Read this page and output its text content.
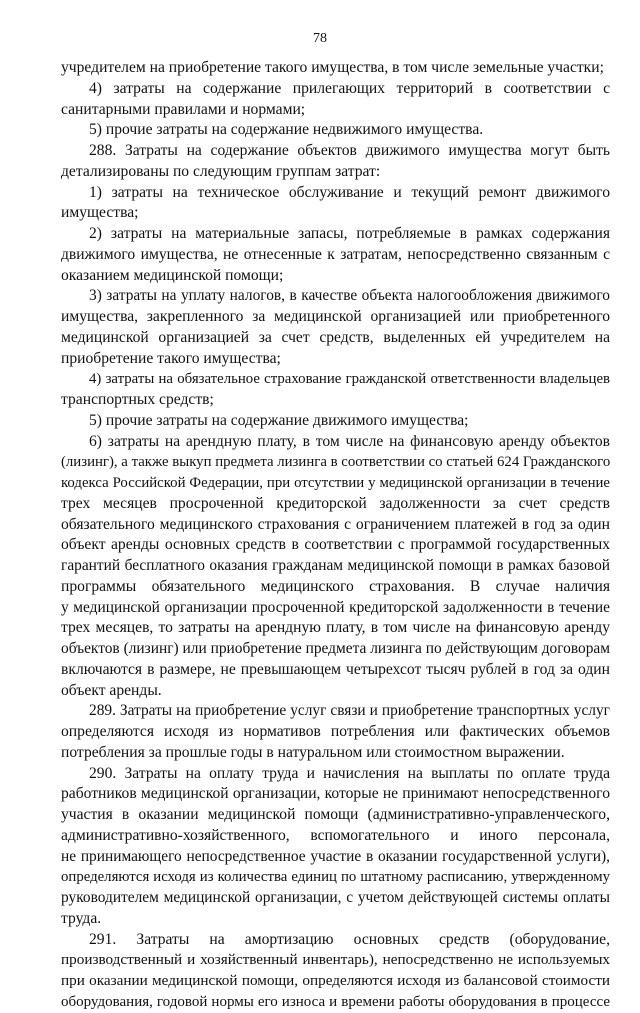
78
учредителем на приобретение такого имущества, в том числе земельные участки;
4) затраты на содержание прилегающих территорий в соответствии с
санитарными правилами и нормами;
5) прочие затраты на содержание недвижимого имущества.
288. Затраты на содержание объектов движимого имущества могут быть
детализированы по следующим группам затрат:
1) затраты на техническое обслуживание и текущий ремонт движимого
имущества;
2) затраты на материальные запасы, потребляемые в рамках содержания
движимого имущества, не отнесенные к затратам, непосредственно связанным с
оказанием медицинской помощи;
3) затраты на уплату налогов, в качестве объекта налогообложения движимого
имущества, закрепленного за медицинской организацией или приобретенного
медицинской организацией за счет средств, выделенных ей учредителем на
приобретение такого имущества;
4) затраты на обязательное страхование гражданской ответственности владельцев
транспортных средств;
5) прочие затраты на содержание движимого имущества;
6) затраты на арендную плату, в том числе на финансовую аренду объектов
(лизинг), а также выкуп предмета лизинга в соответствии со статьей 624 Гражданского
кодекса Российской Федерации, при отсутствии у медицинской организации в течение
трех месяцев просроченной кредиторской задолженности за счет средств
обязательного медицинского страхования с ограничением платежей в год за один
объект аренды основных средств в соответствии с программой государственных
гарантий бесплатного оказания гражданам медицинской помощи в рамках базовой
программы обязательного медицинского страхования. В случае наличия
у медицинской организации просроченной кредиторской задолженности в течение
трех месяцев, то затраты на арендную плату, в том числе на финансовую аренду
объектов (лизинг) или приобретение предмета лизинга по действующим договорам
включаются в размере, не превышающем четырехсот тысяч рублей в год за один
объект аренды.
289. Затраты на приобретение услуг связи и приобретение транспортных услуг
определяются исходя из нормативов потребления или фактических объемов
потребления за прошлые годы в натуральном или стоимостном выражении.
290. Затраты на оплату труда и начисления на выплаты по оплате труда
работников медицинской организации, которые не принимают непосредственного
участия в оказании медицинской помощи (административно-управленческого,
административно-хозяйственного, вспомогательного и иного персонала,
не принимающего непосредственное участие в оказании государственной услуги),
определяются исходя из количества единиц по штатному расписанию, утвержденному
руководителем медицинской организации, с учетом действующей системы оплаты
труда.
291. Затраты на амортизацию основных средств (оборудование,
производственный и хозяйственный инвентарь), непосредственно не используемых
при оказании медицинской помощи, определяются исходя из балансовой стоимости
оборудования, годовой нормы его износа и времени работы оборудования в процессе
